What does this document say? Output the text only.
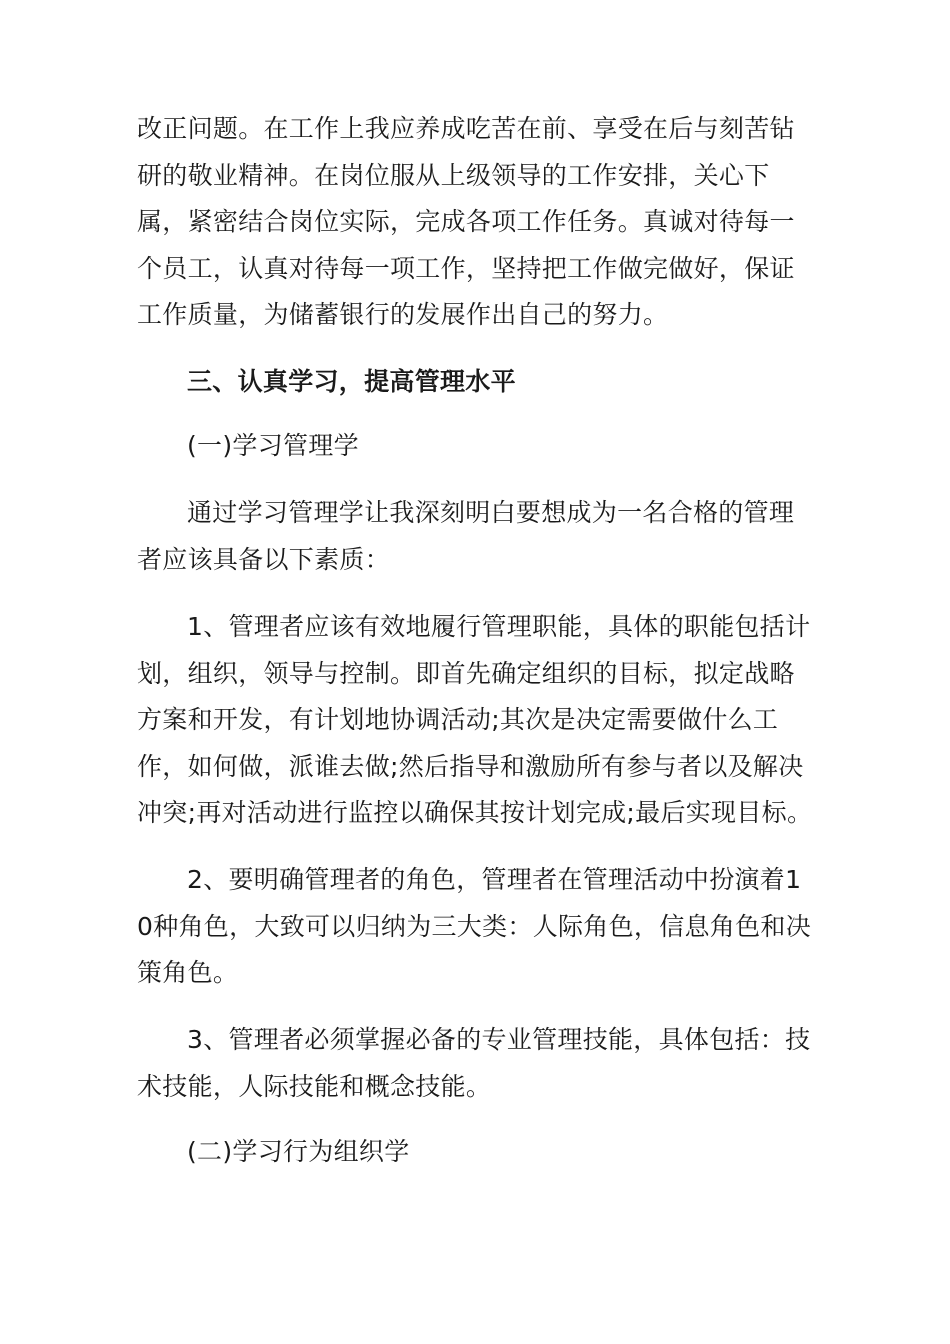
改正问题。在工作上我应养成吃苦在前、享受在后与刻苦钻研的敬业精神。在岗位服从上级领导的工作安排，关心下属，紧密结合岗位实际，完成各项工作任务。真诚对待每一个员工，认真对待每一项工作，坚持把工作做完做好，保证工作质量，为储蓄银行的发展作出自己的努力。

三、认真学习，提高管理水平

(一)学习管理学

通过学习管理学让我深刻明白要想成为一名合格的管理者应该具备以下素质：

1、管理者应该有效地履行管理职能，具体的职能包括计划，组织，领导与控制。即首先确定组织的目标，拟定战略方案和开发，有计划地协调活动;其次是决定需要做什么工作，如何做，派谁去做;然后指导和激励所有参与者以及解决冲突;再对活动进行监控以确保其按计划完成;最后实现目标。

2、要明确管理者的角色，管理者在管理活动中扮演着10种角色，大致可以归纳为三大类：人际角色，信息角色和决策角色。

3、管理者必须掌握必备的专业管理技能，具体包括：技术技能，人际技能和概念技能。

(二)学习行为组织学
